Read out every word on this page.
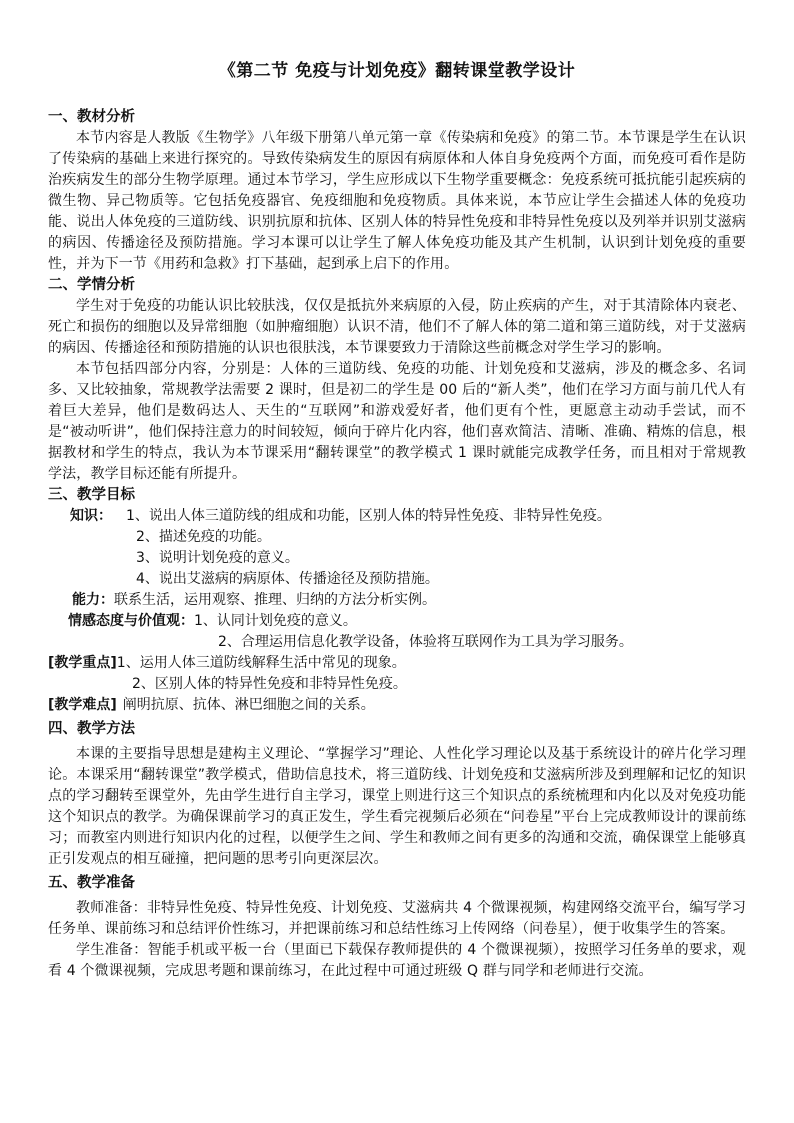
《第二节 免疫与计划免疫》翻转课堂教学设计
一、教材分析
本节内容是人教版《生物学》八年级下册第八单元第一章《传染病和免疫》的第二节。本节课是学生在认识了传染病的基础上来进行探究的。导致传染病发生的原因有病原体和人体自身免疫两个方面，而免疫可看作是防治疾病发生的部分生物学原理。通过本节学习，学生应形成以下生物学重要概念：免疫系统可抵抗能引起疾病的微生物、异己物质等。它包括免疫器官、免疫细胞和免疫物质。具体来说，本节应让学生会描述人体的免疫功能、说出人体免疫的三道防线、识别抗原和抗体、区别人体的特异性免疫和非特异性免疫以及列举并识别艾滋病的病因、传播途径及预防措施。学习本课可以让学生了解人体免疫功能及其产生机制，认识到计划免疫的重要性，并为下一节《用药和急救》打下基础，起到承上启下的作用。
二、学情分析
学生对于免疫的功能认识比较肤浅，仅仅是抵抗外来病原的入侵，防止疾病的产生，对于其清除体内衰老、死亡和损伤的细胞以及异常细胞（如肿瘤细胞）认识不清，他们不了解人体的第二道和第三道防线，对于艾滋病的病因、传播途径和预防措施的认识也很肤浅，本节课要致力于清除这些前概念对学生学习的影响。
本节包括四部分内容，分别是：人体的三道防线、免疫的功能、计划免疫和艾滋病，涉及的概念多、名词多、又比较抽象，常规教学法需要 2 课时，但是初二的学生是 00 后的“新人类”，他们在学习方面与前几代人有着巨大差异，他们是数码达人、天生的“互联网”和游戏爱好者，他们更有个性，更愿意主动动手尝试，而不是“被动听讲”，他们保持注意力的时间较短，倾向于碎片化内容，他们喜欢简洁、清晰、准确、精炼的信息，根据教材和学生的特点，我认为本节课采用“翻转课堂”的教学模式 1 课时就能完成教学任务，而且相对于常规教学法，教学目标还能有所提升。
三、教学目标
知识： 1、说出人体三道防线的组成和功能，区别人体的特异性免疫、非特异性免疫。
2、描述免疫的功能。
3、说明计划免疫的意义。
4、说出艾滋病的病原体、传播途径及预防措施。
能力：联系生活，运用观察、推理、归纳的方法分析实例。
情感态度与价值观：1、认同计划免疫的意义。
2、合理运用信息化教学设备，体验将互联网作为工具为学习服务。
[教学重点]1、运用人体三道防线解释生活中常见的现象。
2、区别人体的特异性免疫和非特异性免疫。
[教学难点] 阐明抗原、抗体、淋巴细胞之间的关系。
四、教学方法
本课的主要指导思想是建构主义理论、“掌握学习”理论、人性化学习理论以及基于系统设计的碎片化学习理论。本课采用“翻转课堂”教学模式，借助信息技术，将三道防线、计划免疫和艾滋病所涉及到理解和记忆的知识点的学习翻转至课堂外，先由学生进行自主学习，课堂上则进行这三个知识点的系统梳理和内化以及对免疫功能这个知识点的教学。为确保课前学习的真正发生，学生看完视频后必须在“问卷星”平台上完成教师设计的课前练习；而教室内则进行知识内化的过程，以便学生之间、学生和教师之间有更多的沟通和交流，确保课堂上能够真正引发观点的相互碰撞，把问题的思考引向更深层次。
五、教学准备
教师准备：非特异性免疫、特异性免疫、计划免疫、艾滋病共 4 个微课视频，构建网络交流平台，编写学习任务单、课前练习和总结评价性练习，并把课前练习和总结性练习上传网络（问卷星），便于收集学生的答案。
学生准备：智能手机或平板一台（里面已下载保存教师提供的 4 个微课视频），按照学习任务单的要求，观看 4 个微课视频，完成思考题和课前练习，在此过程中可通过班级 Q 群与同学和老师进行交流。
